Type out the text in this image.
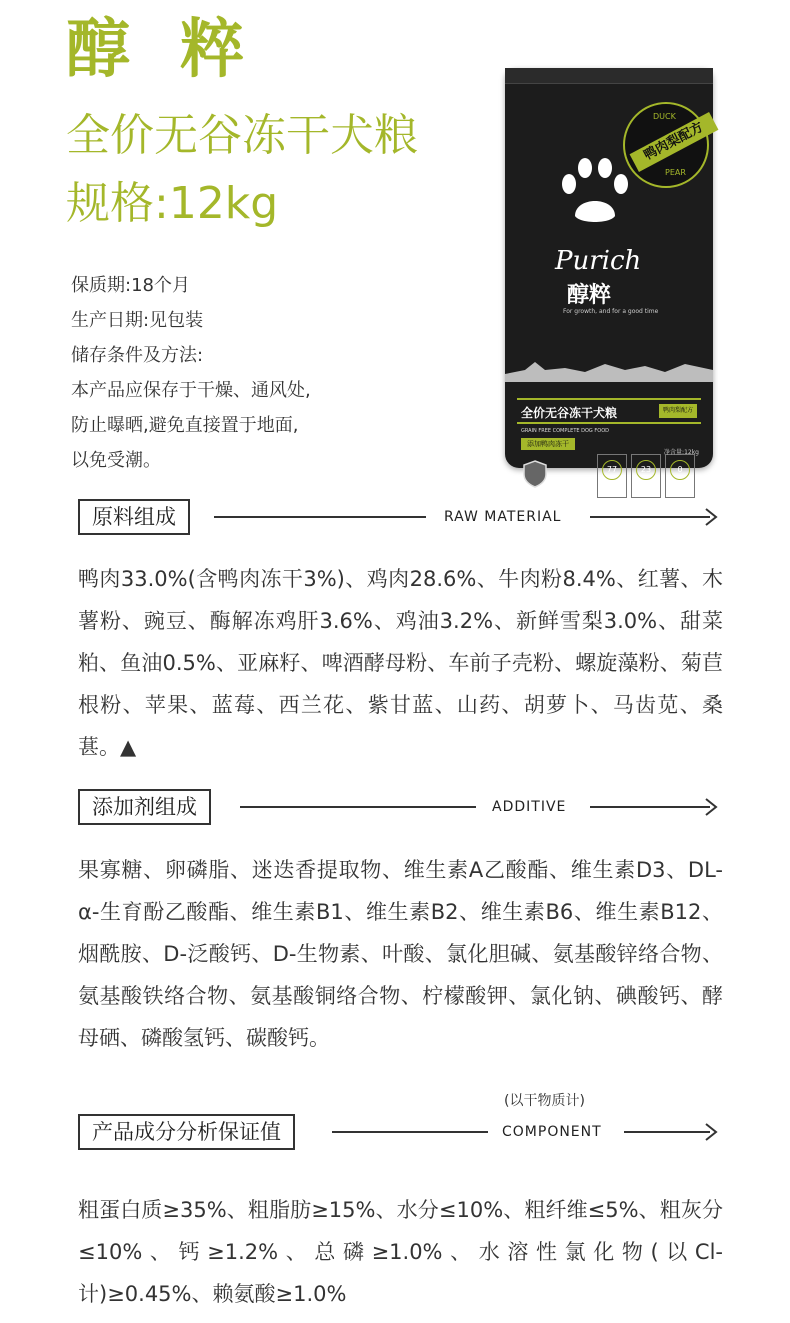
醇 粹
全价无谷冻干犬粮
规格:12kg
保质期:18个月
生产日期:见包装
储存条件及方法:
本产品应保存于干燥、通风处,
防止曝晒,避免直接置于地面,
以免受潮。
DUCK
鸭肉梨配方
PEAR
Purich
醇粹
For growth, and for a good time
全价无谷冻干犬粮	鸭肉梨配方
GRAIN FREE COMPLETE DOG FOOD
添加鸭肉冻干
77	23	0
净含量:12kg
原料组成	RAW MATERIAL
鸭肉33.0%(含鸭肉冻干3%)、鸡肉28.6%、牛肉粉8.4%、红薯、木薯粉、豌豆、酶解冻鸡肝3.6%、鸡油3.2%、新鲜雪梨3.0%、甜菜粕、鱼油0.5%、亚麻籽、啤酒酵母粉、车前子壳粉、螺旋藻粉、菊苣根粉、苹果、蓝莓、西兰花、紫甘蓝、山药、胡萝卜、马齿苋、桑葚。▲
添加剂组成	ADDITIVE
果寡糖、卵磷脂、迷迭香提取物、维生素A乙酸酯、维生素D3、DL-α-生育酚乙酸酯、维生素B1、维生素B2、维生素B6、维生素B12、烟酰胺、D-泛酸钙、D-生物素、叶酸、氯化胆碱、氨基酸锌络合物、氨基酸铁络合物、氨基酸铜络合物、柠檬酸钾、氯化钠、碘酸钙、酵母硒、磷酸氢钙、碳酸钙。
产品成分分析保证值
(以干物质计)
COMPONENT
粗蛋白质≥35%、粗脂肪≥15%、水分≤10%、粗纤维≤5%、粗灰分≤10%、钙≥1.2%、总磷≥1.0%、水溶性氯化物(以Cl-计)≥0.45%、赖氨酸≥1.0%
